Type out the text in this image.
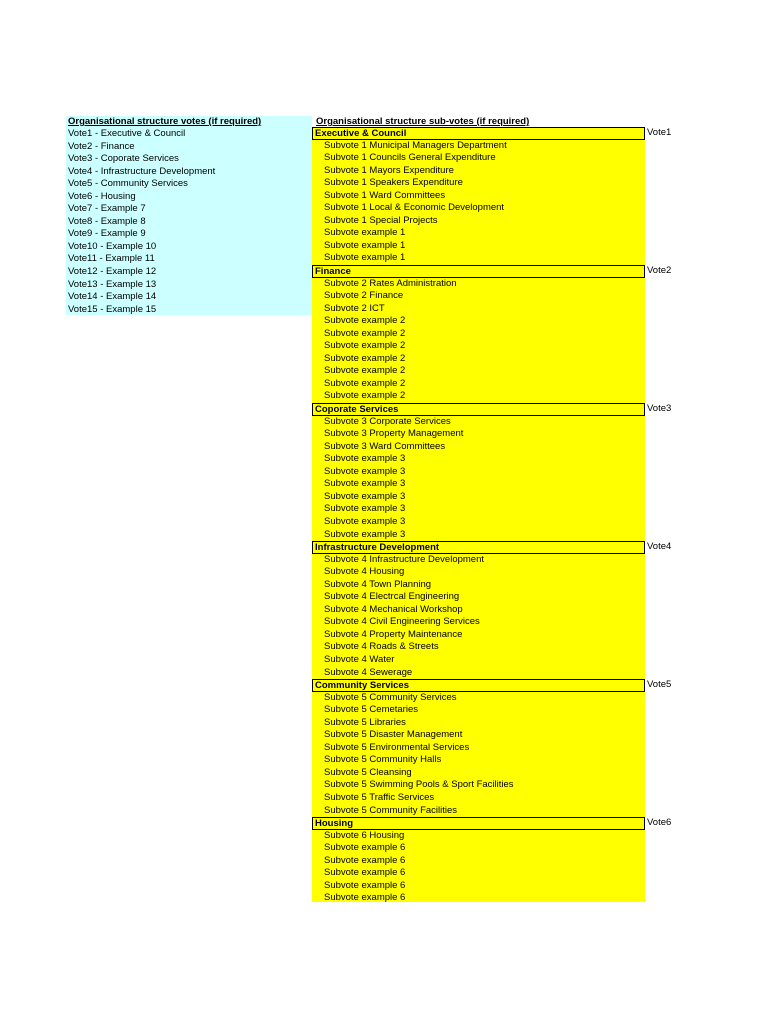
Organisational structure votes (if required)
Vote1 - Executive & Council
Vote2 - Finance
Vote3 - Coporate Services
Vote4 - Infrastructure Development
Vote5 - Community Services
Vote6 - Housing
Vote7 - Example 7
Vote8 - Example 8
Vote9 - Example 9
Vote10 - Example 10
Vote11 - Example 11
Vote12 - Example 12
Vote13 - Example 13
Vote14 - Example 14
Vote15 - Example 15
Organisational structure sub-votes (if required)
Executive & Council
Subvote 1 Municipal Managers Department
Subvote 1 Councils General Expenditure
Subvote 1 Mayors Expenditure
Subvote 1 Speakers Expenditure
Subvote 1 Ward Committees
Subvote 1 Local & Economic Development
Subvote 1 Special Projects
Subvote example 1
Subvote example 1
Subvote example 1
Finance
Subvote 2 Rates Administration
Subvote 2 Finance
Subvote 2 ICT
Subvote example 2
Subvote example 2
Subvote example 2
Subvote example 2
Subvote example 2
Subvote example 2
Subvote example 2
Coporate Services
Subvote 3 Corporate Services
Subvote 3 Property Management
Subvote 3 Ward Committees
Subvote example 3
Subvote example 3
Subvote example 3
Subvote example 3
Subvote example 3
Subvote example 3
Subvote example 3
Infrastructure Development
Subvote 4 Infrastructure Development
Subvote 4 Housing
Subvote 4 Town Planning
Subvote 4 Electrcal Engineering
Subvote 4 Mechanical Workshop
Subvote 4 Civil Engineering Services
Subvote 4 Property Maintenance
Subvote 4 Roads & Streets
Subvote 4 Water
Subvote 4 Sewerage
Community Services
Subvote 5 Community Services
Subvote 5 Cemetaries
Subvote 5 Libraries
Subvote 5 Disaster Management
Subvote 5 Environmental Services
Subvote 5 Community Halls
Subvote 5 Cleansing
Subvote 5 Swimming Pools & Sport Facilities
Subvote 5 Traffic Services
Subvote 5 Community Facilities
Housing
Subvote 6 Housing
Subvote example 6
Subvote example 6
Subvote example 6
Subvote example 6
Subvote example 6
Vote1
Vote2
Vote3
Vote4
Vote5
Vote6
